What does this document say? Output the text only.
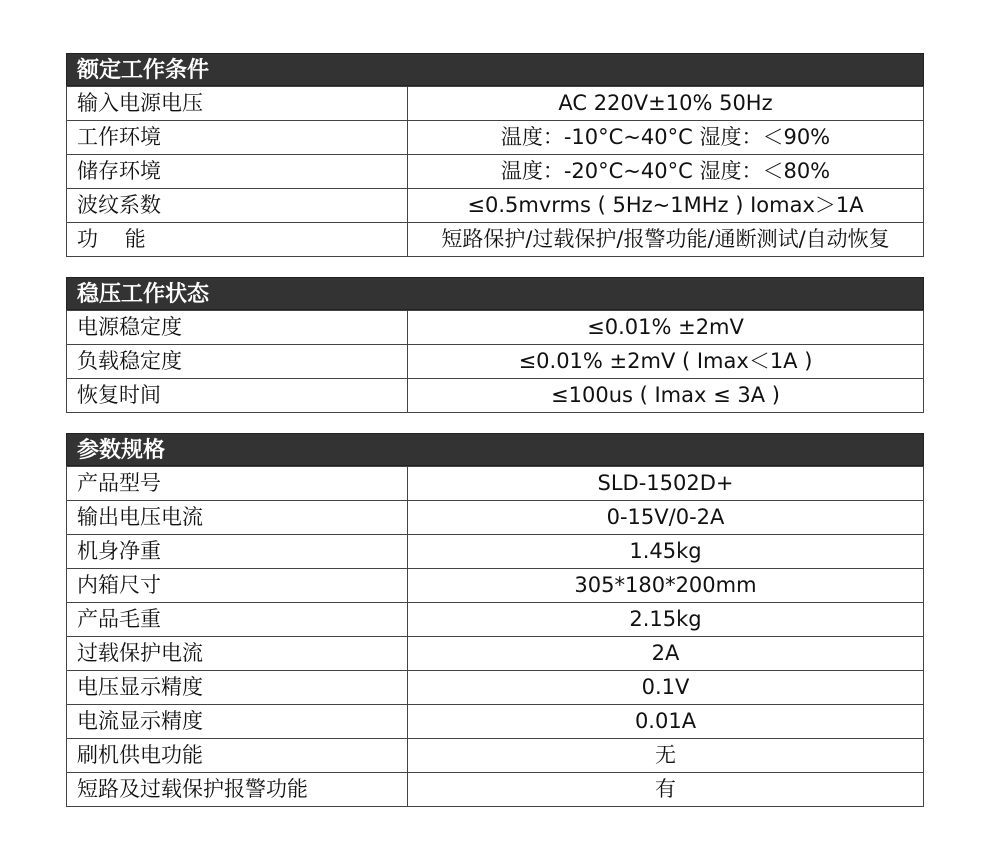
额定工作条件
输入电源电压	AC 220V±10% 50Hz
工作环境	温度：-10°C~40°C 湿度：＜90%
储存环境	温度：-20°C~40°C 湿度：＜80%
波纹系数	≤0.5mvrms ( 5Hz~1MHz ) Iomax＞1A
功    能	短路保护/过载保护/报警功能/通断测试/自动恢复
稳压工作状态
电源稳定度	≤0.01% ±2mV
负载稳定度	≤0.01% ±2mV ( Imax＜1A )
恢复时间	≤100us ( Imax ≤ 3A )
参数规格
产品型号	SLD-1502D+
输出电压电流	0-15V/0-2A
机身净重	1.45kg
内箱尺寸	305*180*200mm
产品毛重	2.15kg
过载保护电流	2A
电压显示精度	0.1V
电流显示精度	0.01A
刷机供电功能	无
短路及过载保护报警功能	有
